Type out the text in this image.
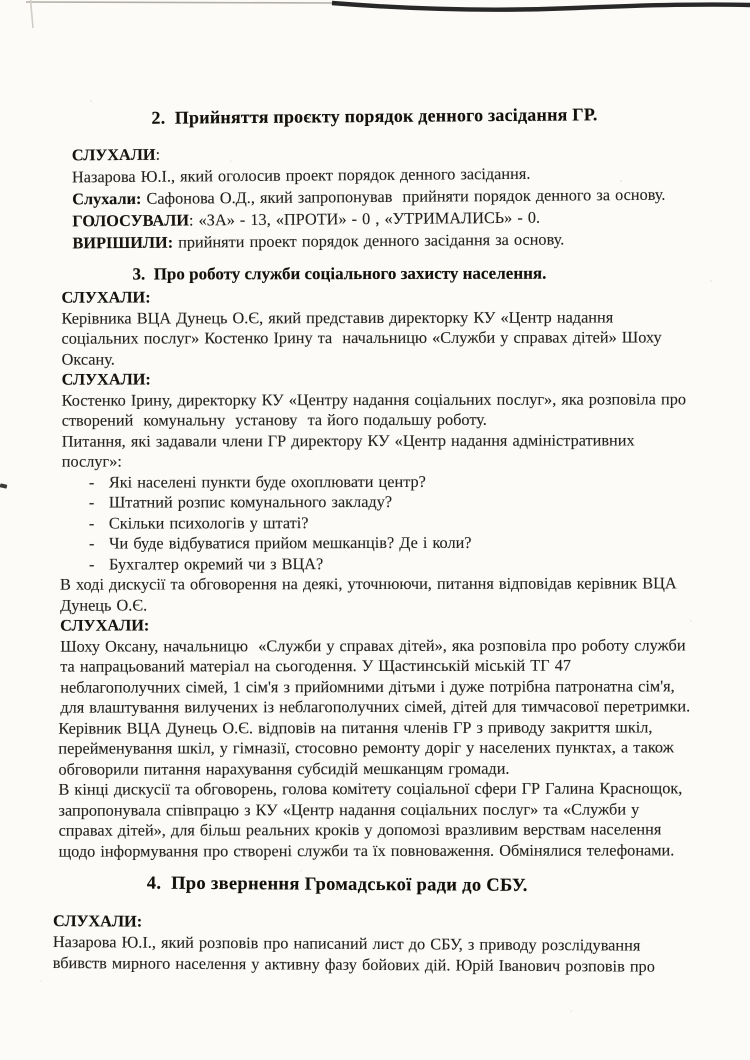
2.  Прийняття проєкту порядок денного засідання ГР.
СЛУХАЛИ:
Назарова Ю.І., який оголосив проект порядок денного засідання.
Слухали: Сафонова О.Д., який запропонував  прийняти порядок денного за основу.
ГОЛОСУВАЛИ: «ЗА» - 13, «ПРОТИ» - 0 , «УТРИМАЛИСЬ» - 0.
ВИРІШИЛИ: прийняти проект порядок денного засідання за основу.
3.  Про роботу служби соціального захисту населення.
СЛУХАЛИ:
Керівника ВЦА Дунець О.Є, який представив директорку КУ «Центр надання
соціальних послуг» Костенко Ірину та  начальницю «Служби у справах дітей» Шоху
Оксану.
СЛУХАЛИ:
Костенко Ірину, директорку КУ «Центру надання соціальних послуг», яка розповіла про
створений  комунальну  установу  та його подальшу роботу.
Питання, які задавали члени ГР директору КУ «Центр надання адміністративних
послуг»:
- Які населені пункти буде охоплювати центр?
- Штатний розпис комунального закладу?
- Скільки психологів у штаті?
- Чи буде відбуватися прийом мешканців? Де і коли?
- Бухгалтер окремий чи з ВЦА?
В ході дискусії та обговорення на деякі, уточнюючи, питання відповідав керівник ВЦА
Дунець О.Є.
СЛУХАЛИ:
Шоху Оксану, начальницю  «Служби у справах дітей», яка розповіла про роботу служби
та напрацьований матеріал на сьогодення. У Щастинській міській ТГ 47
неблагополучних сімей, 1 сім'я з прийомними дітьми і дуже потрібна патронатна сім'я,
для влаштування вилучених із неблагополучних сімей, дітей для тимчасової перетримки.
Керівник ВЦА Дунець О.Є. відповів на питання членів ГР з приводу закриття шкіл,
перейменування шкіл, у гімназії, стосовно ремонту доріг у населених пунктах, а також
обговорили питання нарахування субсидій мешканцям громади.
В кінці дискусії та обговорень, голова комітету соціальної сфери ГР Галина Краснощок,
запропонувала співпрацю з КУ «Центр надання соціальних послуг» та «Служби у
справах дітей», для більш реальних кроків у допомозі вразливим верствам населення
щодо інформування про створені служби та їх повноваження. Обмінялися телефонами.
4.  Про звернення Громадської ради до СБУ.
СЛУХАЛИ:
Назарова Ю.І., який розповів про написаний лист до СБУ, з приводу розслідування
вбивств мирного населення у активну фазу бойових дій. Юрій Іванович розповів про
